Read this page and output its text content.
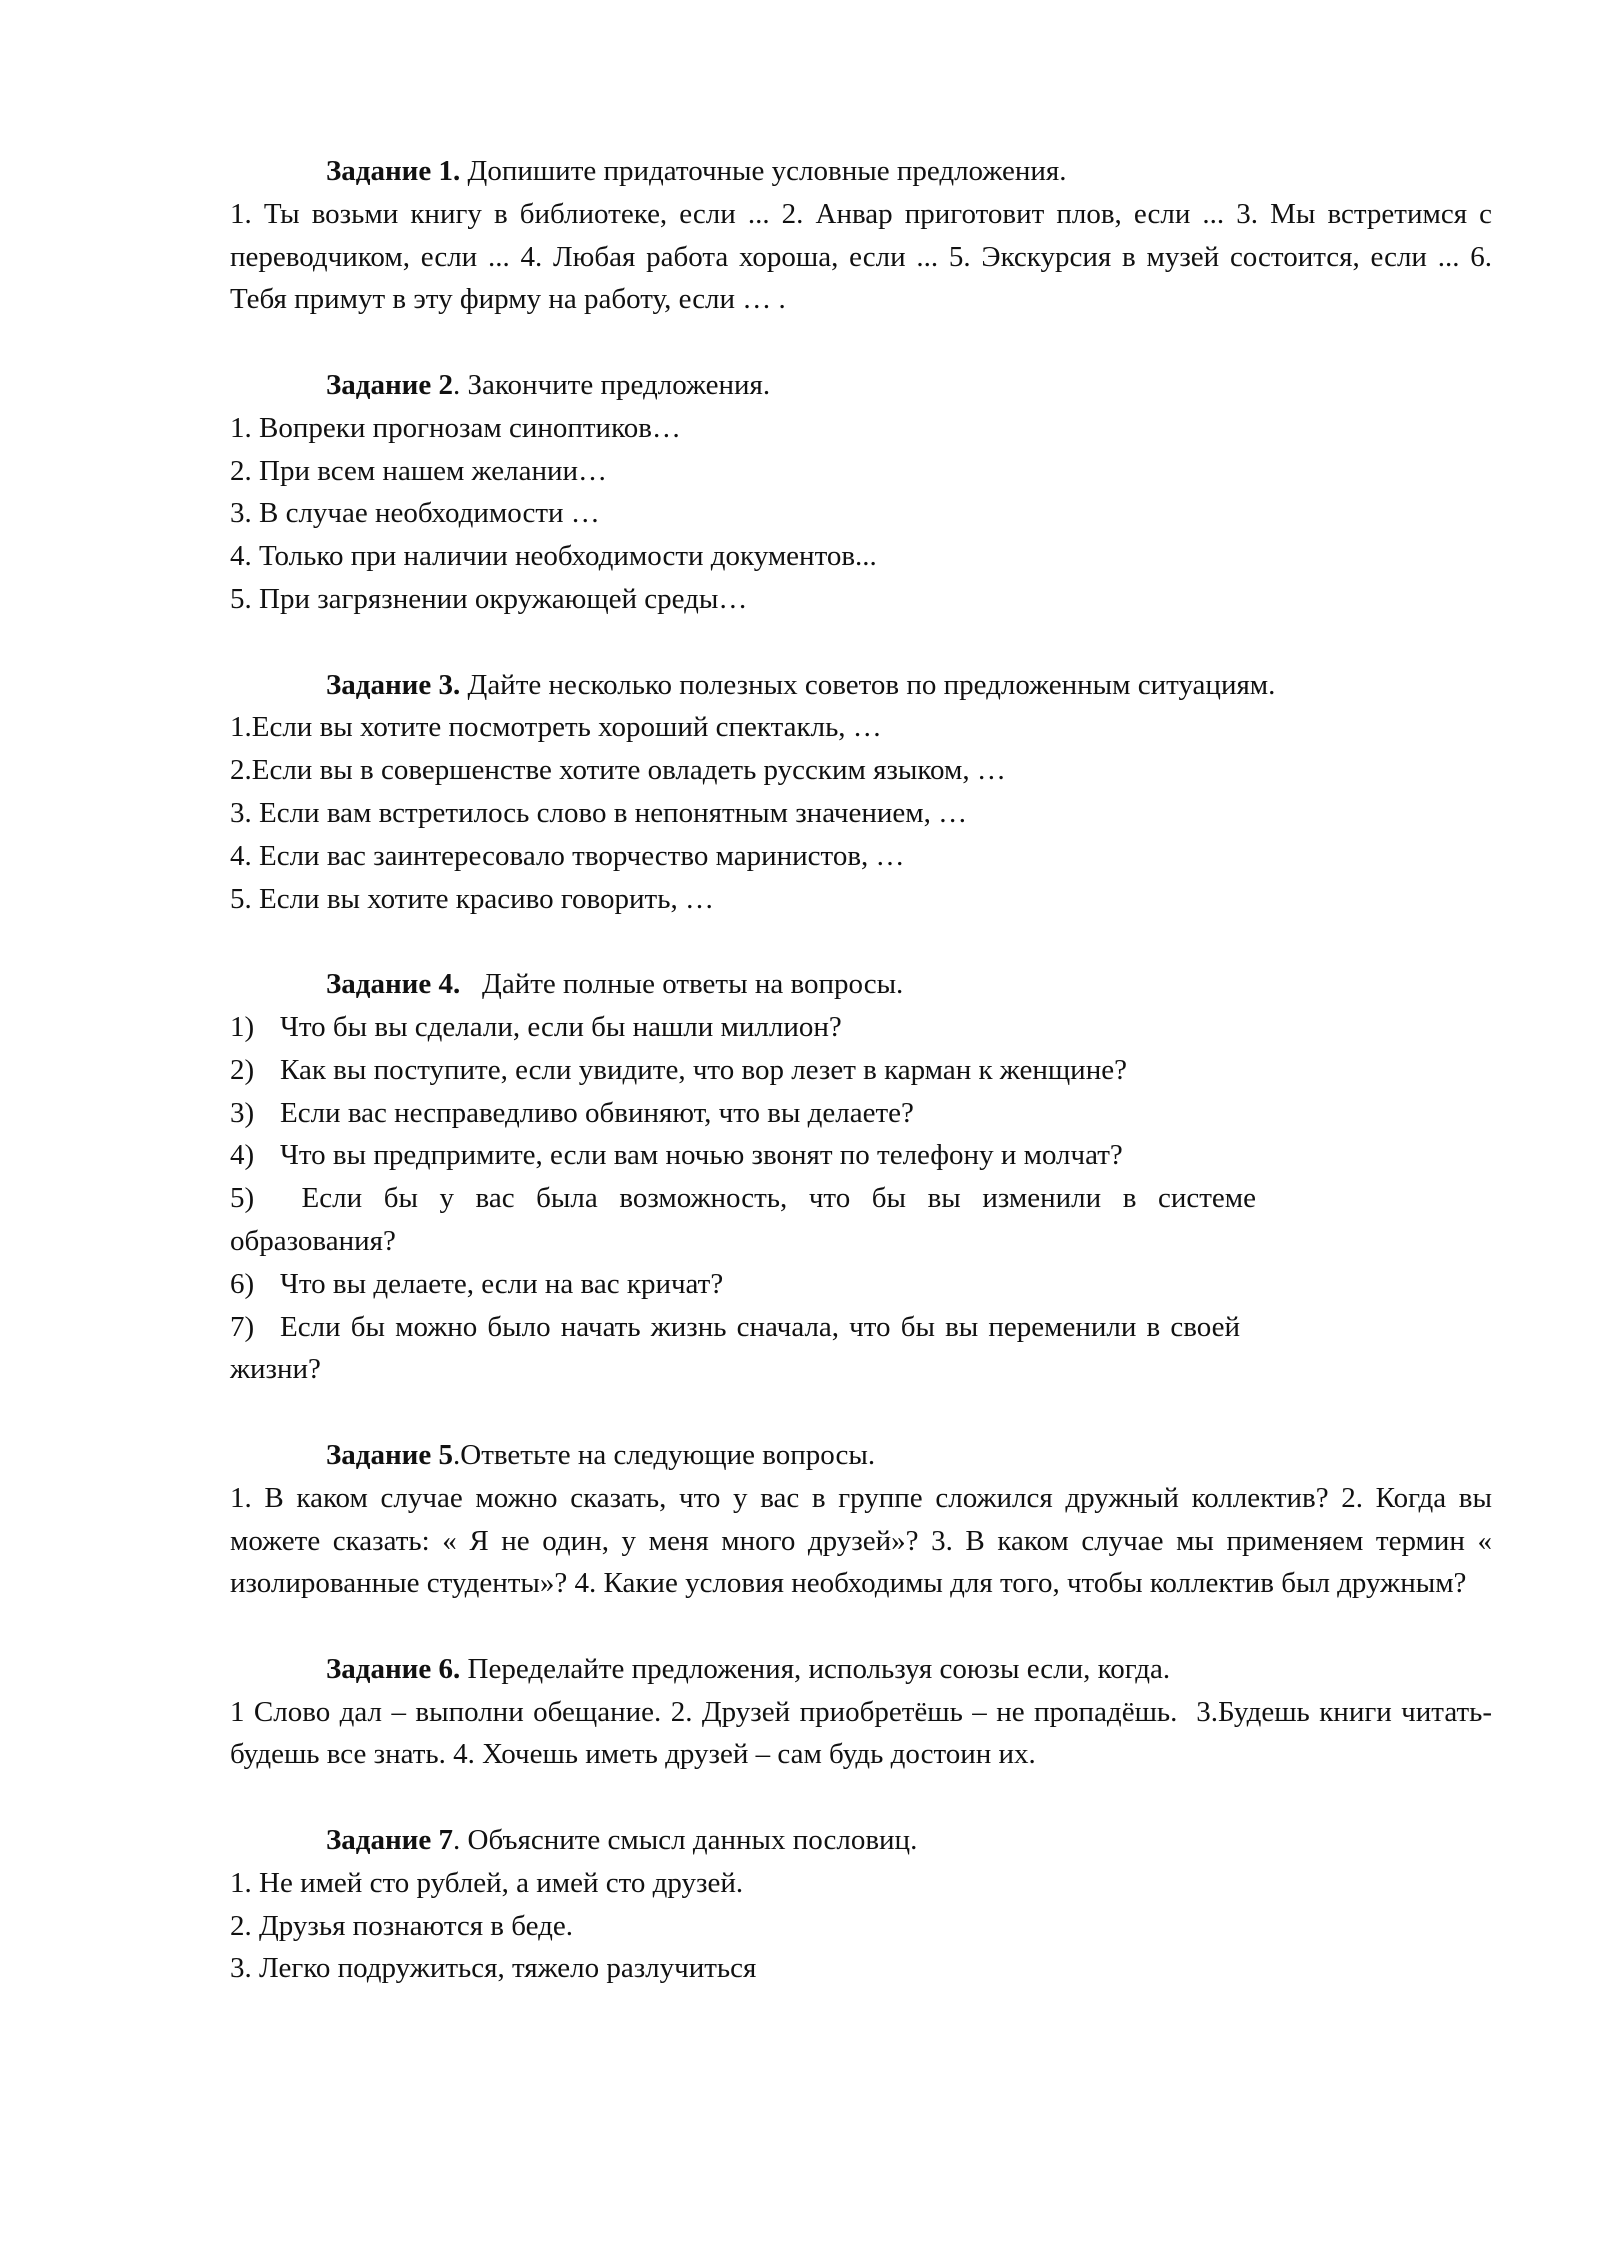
Задание 1. Допишите придаточные условные предложения.
1. Ты возьми книгу в библиотеке, если ... 2. Анвар приготовит плов, если ... 3. Мы встретимся с переводчиком, если ... 4. Любая работа хороша, если ... 5. Экскурсия в музей состоится, если ... 6. Тебя примут в эту фирму на работу, если … .
Задание 2. Закончите предложения.
1. Вопреки прогнозам синоптиков…
2. При всем нашем желании…
3. В случае необходимости …
4. Только при наличии необходимости документов...
5. При загрязнении окружающей среды…
Задание 3. Дайте несколько полезных советов по предложенным ситуациям.
1.Если вы хотите посмотреть хороший спектакль, …
2.Если вы в совершенстве хотите овладеть русским языком, …
3. Если вам встретилось слово в непонятным значением, …
4. Если вас заинтересовало творчество маринистов, …
5. Если вы хотите красиво говорить, …
Задание 4.   Дайте полные ответы на вопросы.
1) Что бы вы сделали, если бы нашли миллион?
2) Как вы поступите, если увидите, что вор лезет в карман к женщине?
3) Если вас несправедливо обвиняют, что вы делаете?
4) Что вы предпримите, если вам ночью звонят по телефону и молчат?
5) Если бы у вас была возможность, что бы вы изменили в системе образования?
6) Что вы делаете, если на вас кричат?
7) Если бы можно было начать жизнь сначала, что бы вы переменили в своей жизни?
Задание 5.Ответьте на следующие вопросы.
1. В каком случае можно сказать, что у вас в группе сложился дружный коллектив? 2. Когда вы можете сказать: « Я не один, у меня много друзей»? 3. В каком случае мы применяем термин « изолированные студенты»? 4. Какие условия необходимы для того, чтобы коллектив был дружным?
Задание 6. Переделайте предложения, используя союзы если, когда.
1 Слово дал – выполни обещание. 2. Друзей приобретёшь – не пропадёшь.  3.Будешь книги читать- будешь все знать. 4. Хочешь иметь друзей – сам будь достоин их.
Задание 7. Объясните смысл данных пословиц.
1. Не имей сто рублей, а имей сто друзей.
2. Друзья познаются в беде.
3. Легко подружиться, тяжело разлучиться
